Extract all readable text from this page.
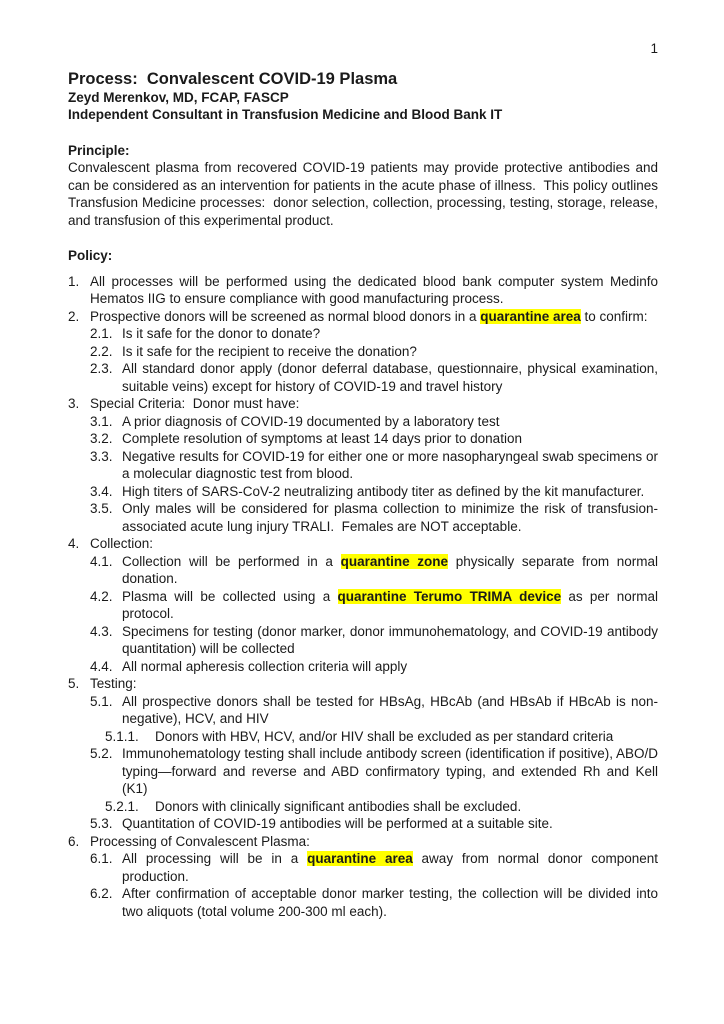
1
Process:  Convalescent COVID-19 Plasma
Zeyd Merenkov, MD, FCAP, FASCP
Independent Consultant in Transfusion Medicine and Blood Bank IT
Principle:

Convalescent plasma from recovered COVID-19 patients may provide protective antibodies and can be considered as an intervention for patients in the acute phase of illness.  This policy outlines Transfusion Medicine processes:  donor selection, collection, processing, testing, storage, release, and transfusion of this experimental product.

Policy:
1. All processes will be performed using the dedicated blood bank computer system Medinfo Hematos IIG to ensure compliance with good manufacturing process.
2. Prospective donors will be screened as normal blood donors in a quarantine area to confirm:
2.1. Is it safe for the donor to donate?
2.2. Is it safe for the recipient to receive the donation?
2.3. All standard donor apply (donor deferral database, questionnaire, physical examination, suitable veins) except for history of COVID-19 and travel history
3. Special Criteria:  Donor must have:
3.1. A prior diagnosis of COVID-19 documented by a laboratory test
3.2. Complete resolution of symptoms at least 14 days prior to donation
3.3. Negative results for COVID-19 for either one or more nasopharyngeal swab specimens or a molecular diagnostic test from blood.
3.4. High titers of SARS-CoV-2 neutralizing antibody titer as defined by the kit manufacturer.
3.5. Only males will be considered for plasma collection to minimize the risk of transfusion-associated acute lung injury TRALI.  Females are NOT acceptable.
4. Collection:
4.1. Collection will be performed in a quarantine zone physically separate from normal donation.
4.2. Plasma will be collected using a quarantine Terumo TRIMA device as per normal protocol.
4.3. Specimens for testing (donor marker, donor immunohematology, and COVID-19 antibody quantitation) will be collected
4.4. All normal apheresis collection criteria will apply
5. Testing:
5.1. All prospective donors shall be tested for HBsAg, HBcAb (and HBsAb if HBcAb is non-negative), HCV, and HIV
5.1.1. Donors with HBV, HCV, and/or HIV shall be excluded as per standard criteria
5.2. Immunohematology testing shall include antibody screen (identification if positive), ABO/D typing—forward and reverse and ABD confirmatory typing, and extended Rh and Kell (K1)
5.2.1. Donors with clinically significant antibodies shall be excluded.
5.3. Quantitation of COVID-19 antibodies will be performed at a suitable site.
6. Processing of Convalescent Plasma:
6.1. All processing will be in a quarantine area away from normal donor component production.
6.2. After confirmation of acceptable donor marker testing, the collection will be divided into two aliquots (total volume 200-300 ml each).
